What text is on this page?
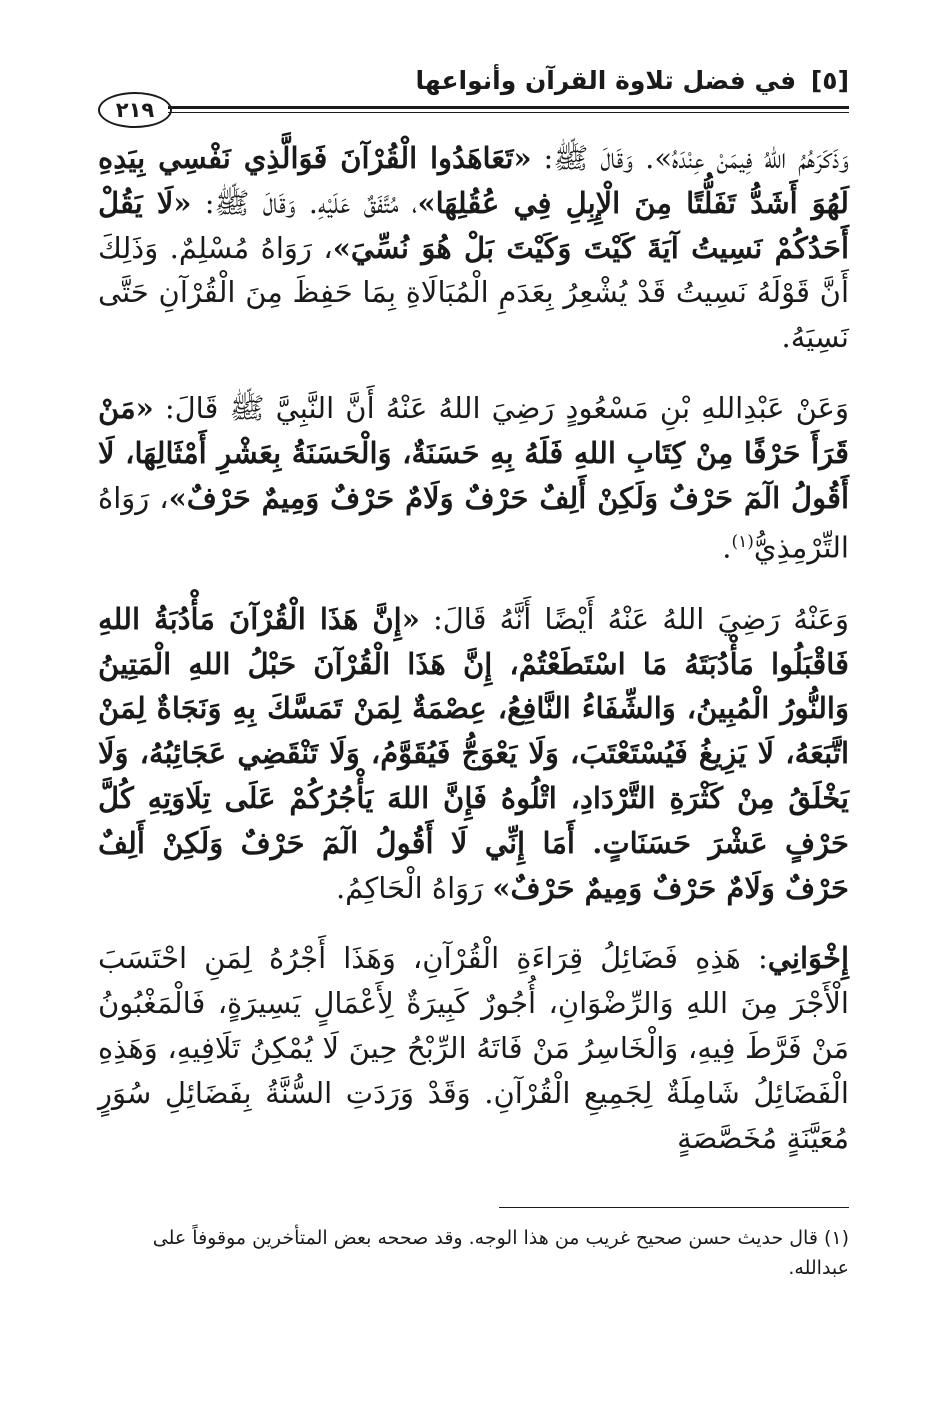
[٥] في فضل تلاوة القرآن وأنواعها
٢١٩

وَذَكَرَهُمُ اللهُ فِيمَنْ عِنْدَهُ». وَقَالَ ﷺ: «تَعَاهَدُوا الْقُرْآنَ فَوَالَّذِي نَفْسِي بِيَدِهِ لَهُوَ أَشَدُّ تَفَلُّتًا مِنَ الْإِبِلِ فِي عُقُلِهَا»، مُتَّفَقٌ عَلَيْهِ. وَقَالَ ﷺ: «لَا يَقُلْ أَحَدُكُمْ نَسِيتُ آيَةَ كَيْتَ وَكَيْتَ بَلْ هُوَ نُسِّيَ»، رَوَاهُ مُسْلِمٌ. وَذَلِكَ أَنَّ قَوْلَهُ نَسِيتُ قَدْ يُشْعِرُ بِعَدَمِ الْمُبَالَاةِ بِمَا حَفِظَ مِنَ الْقُرْآنِ حَتَّى نَسِيَهُ.

وَعَنْ عَبْدِاللهِ بْنِ مَسْعُودٍ رَضِيَ اللهُ عَنْهُ أَنَّ النَّبِيَّ ﷺ قَالَ: «مَنْ قَرَأَ حَرْفًا مِنْ كِتَابِ اللهِ فَلَهُ بِهِ حَسَنَةٌ، وَالْحَسَنَةُ بِعَشْرِ أَمْثَالِهَا، لَا أَقُولُ الٓمٓ حَرْفٌ وَلَكِنْ أَلِفٌ حَرْفٌ وَلَامٌ حَرْفٌ وَمِيمٌ حَرْفٌ»، رَوَاهُ التِّرْمِذِيُّ$^{(١)}$.

وَعَنْهُ رَضِيَ اللهُ عَنْهُ أَيْضًا أَنَّهُ قَالَ: «إِنَّ هَذَا الْقُرْآنَ مَأْدُبَةُ اللهِ فَاقْبَلُوا مَأْدُبَتَهُ مَا اسْتَطَعْتُمْ، إِنَّ هَذَا الْقُرْآنَ حَبْلُ اللهِ الْمَتِينُ وَالنُّورُ الْمُبِينُ، وَالشِّفَاءُ النَّافِعُ، عِصْمَةٌ لِمَنْ تَمَسَّكَ بِهِ وَنَجَاةٌ لِمَنْ اتَّبَعَهُ، لَا يَزِيغُ فَيُسْتَعْتَبَ، وَلَا يَعْوَجُّ فَيُقَوَّمُ، وَلَا تَنْقَضِي عَجَائِبُهُ، وَلَا يَخْلَقُ مِنْ كَثْرَةِ التَّرْدَادِ، اتْلُوهُ فَإِنَّ اللهَ يَأْجُرُكُمْ عَلَى تِلَاوَتِهِ كُلَّ حَرْفٍ عَشْرَ حَسَنَاتٍ. أَمَا إِنِّي لَا أَقُولُ الٓمٓ حَرْفٌ وَلَكِنْ أَلِفٌ حَرْفٌ وَلَامٌ حَرْفٌ وَمِيمٌ حَرْفٌ» رَوَاهُ الْحَاكِمُ.

إِخْوَانِي: هَذِهِ فَضَائِلُ قِرَاءَةِ الْقُرْآنِ، وَهَذَا أَجْرُهُ لِمَنِ احْتَسَبَ الْأَجْرَ مِنَ اللهِ وَالرِّضْوَانِ، أُجُورٌ كَبِيرَةٌ لِأَعْمَالٍ يَسِيرَةٍ، فَالْمَغْبُونُ مَنْ فَرَّطَ فِيهِ، وَالْخَاسِرُ مَنْ فَاتَهُ الرِّبْحُ حِينَ لَا يُمْكِنُ تَلَافِيهِ، وَهَذِهِ الْفَضَائِلُ شَامِلَةٌ لِجَمِيعِ الْقُرْآنِ. وَقَدْ وَرَدَتِ السُّنَّةُ بِفَضَائِلِ سُوَرٍ مُعَيَّنَةٍ مُخَصَّصَةٍ

(١)قال حديث حسن صحيح غريب من هذا الوجه. وقد صححه بعض المتأخرين موقوفاً على عبدالله.
